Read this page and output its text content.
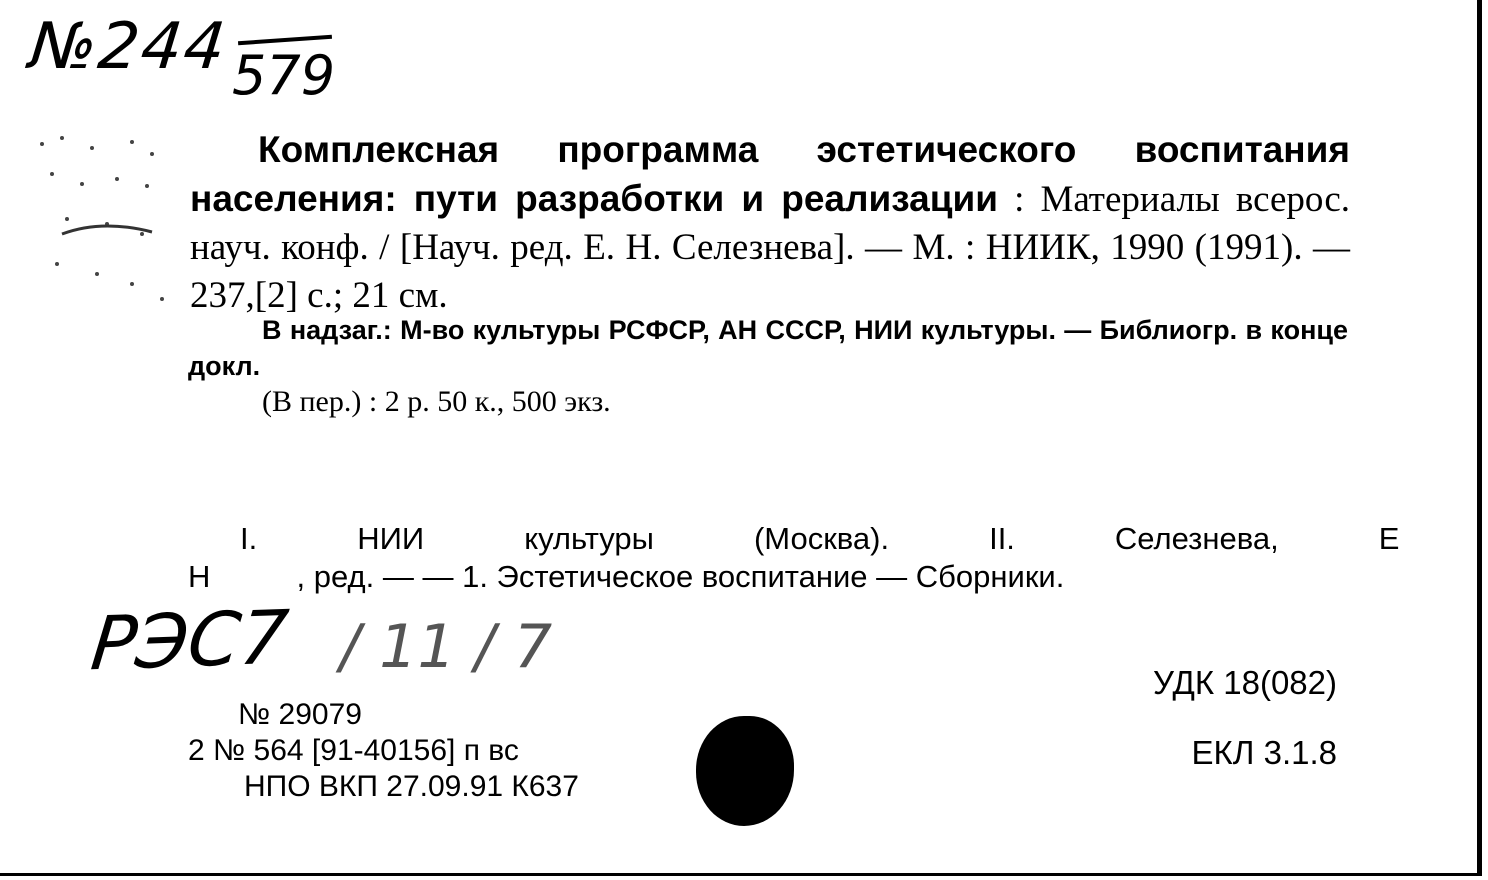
№244 579

Комплексная программа эстетического воспитания населения: пути разработки и реализации : Материалы всерос. науч. конф. / [Науч. ред. Е. Н. Селезнева]. — М. : НИИК, 1990 (1991). — 237,[2] с.; 21 см.

В надзаг.: М-во культуры РСФСР, АН СССР, НИИ культуры. — Библиогр. в конце докл.

(В пер.) : 2 р. 50 к., 500 экз.

I.	НИИ	культуры	(Москва).	II.	Селезнева,	Е

Н          , ред. — — 1. Эстетическое воспитание — Сборники.

РЭС7 / 11 / 7
УДК 18(082)
ЕКЛ 3.1.8
№ 29079
2 № 564 [91-40156] п вс
НПО ВКП 27.09.91 К637
